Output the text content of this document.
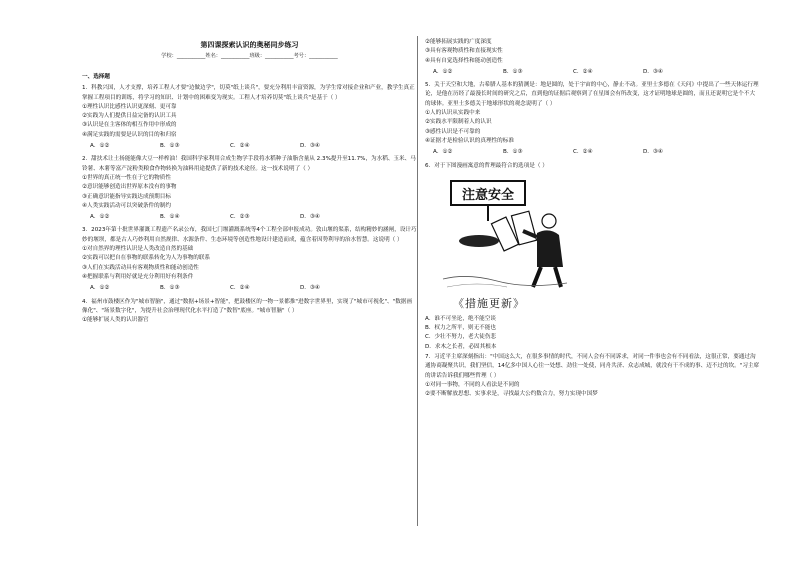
第四课探索认识的奥秘同步练习
学校：___________姓名：___________班级：___________考号：___________

一、选择题

1．科教兴国，人才支撑，培养工程人才要"边做边学"，切莫"纸上谈兵"，要充分利用丰富资源，为学生常对接企业和产业，教学生真正掌握工程项目的训练，将学习的知识、计划中的困难变为现实。工程人才培养切莫"纸上谈兵"是基于（ ）

①理性认识比感性认识更深刻、更可靠

②实践为人们提供日益完备的认识工具

③认识是在主客体的相互作用中形成的

④满足实践的需要是认识的目的和归宿

A．①②	B．①③	C．②④	D．③④

2．甜扶术让土扬能能像大豆一样榨油！我国科学家利用合成生物学手段将水稻种子油脂含量从 2.3%提升至11.7%，为水稻、玉米、马铃薯、木薯等富产淀粉类粮食作物转换为油料用途提供了新的技术途径。这一技术说明了（ ）

①世界的真正统一性在于它的物质性

②意识能够创造出世界原本没有的事物

③正确意识能指导实践达成预期目标

④人类实践活动可以突破条件的制约

A．①②	B．①④	C．②③	D．③④

3．2023年第十批世界灌溉工程遗产名录公布，我国七门堰灌溉系统等4个工程全部申报成功。敦山堰的渠系，结构精妙的涵闸，设计巧妙的堰坝，都是古人巧妙利用自然规律、水源条件、生态环境等创造性地设计建造而成，蕴含着因势利导的治水智慧。这说明（ ）

①对自然界的理性认识是人类改造自然的基础

②实践可以把自在事物的联系转化为人为事物的联系

③人们在实践活动具有客观物质性和能动创造性

④把握联系与利用好就是充分利用好有利条件

A．①②	B．①③	C．②④	D．③④

4．福州市鼓楼区作为"城市智脑"，通过"数据+场景+智能"，把鼓楼区的一物一景都推"进数字世界里，实现了"城市可视化"、"数据画像化"、"场景数字化"，为提升社会治理现代化水平打造了"数智"底座。"城市智脑"（ ）

①能够扩展人类的认识器官

②能够拓展实践的广度深度

③具有客观物质性和直接现实性

④具有自觉选择性和能动创造性

A．①②	B．①③	C．②④	D．③④

5．关于天空和大地，古希腊人基本的猜测是：地是圆的，处于宇宙的中心，静止不动。亚里士多德在《天问》中提出了一些天体运行理论，是他在历经了最漫长时间的研究之后，直到他的证据后观察到了在星图会有所改变，这才证明地球是圆的，而且还说明它是个不大的球体。亚里士多德关于地球形状的观念说明了（ ）

①人的认识从实践中来

②实践水平限制着人的认识

③感性认识是不可靠的

④证据才是检验认识的真理性的标准

A．①②	B．①③	C．②④	D．③④

6．对于下图漫画寓意的哲理最符合的选项是（ ）

注意安全
《措施更新》

A．谁不可坐论，绝不能空谈

B．权力之所平，则无不能也

C．少壮不努力，老大徒伤悲

D．求木之长者，必固其根本

7．习近平主席深刻指出："中国这么大，在很多事情的时代，不同人会有不同诉求，对同一件事也会有不同看法，这很正常，要通过沟通协商凝聚共识，我们坚信，14亿多中国人心往一处想、劲往一处使，同舟共济、众志成城，就没有干不成的事、迈不过的坎。"习主席的讲话告诉我们哪些哲理（ ）

①对同一事物，不同的人看法是不同的

②要不断解放思想、实事求是，寻找最大公约数合力，努力实现中国梦
